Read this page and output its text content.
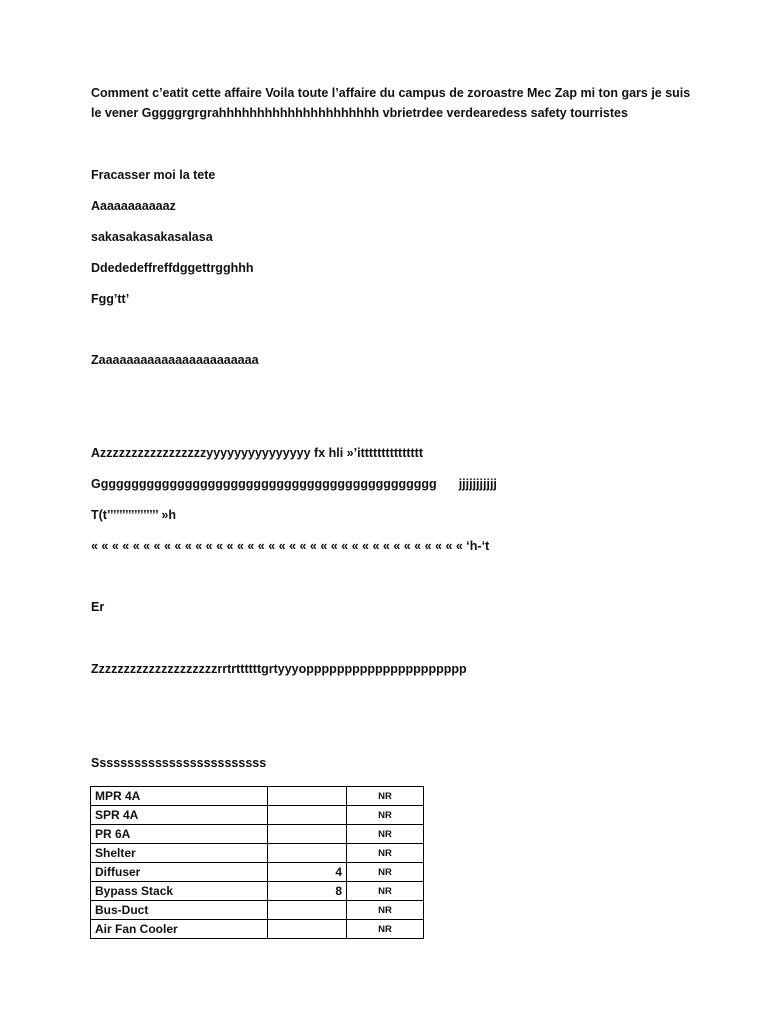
Comment c’eatit cette affaire Voila toute l’affaire du campus de zoroastre Mec Zap mi ton gars je suis
le vener Gggggrgrgrahhhhhhhhhhhhhhhhhhhhh vbrietrdee verdearedess safety tourristes
Fracasser moi la tete
Aaaaaaaaaaaz
sakasakasakasalasa
Ddededeffreffdggettrgghhh
Fgg’tt’
Zaaaaaaaaaaaaaaaaaaaaaaa
Azzzzzzzzzzzzzzzzzyyyyyyyyyyyyyyy fx hli »’ittttttttttttttt
Ggggggggggggggggggggggggggggggggggggggggggggg jjjjjjjjjjj
T(t’’’’’’’’’’’’’’’’’ »h
« « « « « « « « « « « « « « « « « « « « « « « « « « « « « « « « « « « « ‘h-‘t
Er
Zzzzzzzzzzzzzzzzzzzzrrtrttttttgrtyyyoppppppppppppppppppppp
Sssssssssssssssssssssssss
MPR 4A		NR
SPR 4A		NR
PR 6A		NR
Shelter		NR
Diffuser	4	NR
Bypass Stack	8	NR
Bus-Duct		NR
Air Fan Cooler		NR
